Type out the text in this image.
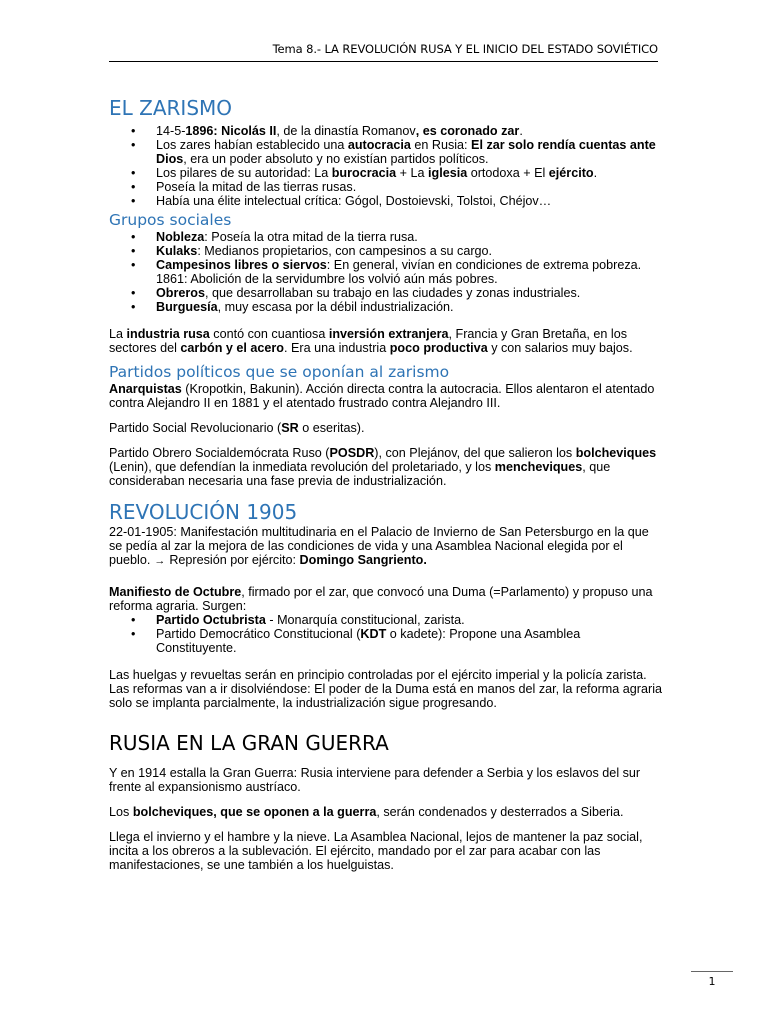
Tema 8.- LA REVOLUCIÓN RUSA Y EL INICIO DEL ESTADO SOVIÉTICO
EL ZARISMO
• 14-5-1896: Nicolás II, de la dinastía Romanov, es coronado zar.
• Los zares habían establecido una autocracia en Rusia: El zar solo rendía cuentas ante Dios, era un poder absoluto y no existían partidos políticos.
• Los pilares de su autoridad: La burocracia + La iglesia ortodoxa + El ejército.
• Poseía la mitad de las tierras rusas.
• Había una élite intelectual crítica: Gógol, Dostoievski, Tolstoi, Chéjov…
Grupos sociales
• Nobleza: Poseía la otra mitad de la tierra rusa.
• Kulaks: Medianos propietarios, con campesinos a su cargo.
• Campesinos libres o siervos: En general, vivían en condiciones de extrema pobreza. 1861: Abolición de la servidumbre los volvió aún más pobres.
• Obreros, que desarrollaban su trabajo en las ciudades y zonas industriales.
• Burguesía, muy escasa por la débil industrialización.

La industria rusa contó con cuantiosa inversión extranjera, Francia y Gran Bretaña, en los sectores del carbón y el acero. Era una industria poco productiva y con salarios muy bajos.

Partidos políticos que se oponían al zarismo

Anarquistas (Kropotkin, Bakunin). Acción directa contra la autocracia. Ellos alentaron el atentado contra Alejandro II en 1881 y el atentado frustrado contra Alejandro III.

Partido Social Revolucionario (SR o eseritas).

Partido Obrero Socialdemócrata Ruso (POSDR), con Plejánov, del que salieron los bolcheviques (Lenin), que defendían la inmediata revolución del proletariado, y los mencheviques, que consideraban necesaria una fase previa de industrialización.

REVOLUCIÓN 1905

22-01-1905: Manifestación multitudinaria en el Palacio de Invierno de San Petersburgo en la que se pedía al zar la mejora de las condiciones de vida y una Asamblea Nacional elegida por el pueblo. → Represión por ejército: Domingo Sangriento.

Manifiesto de Octubre, firmado por el zar, que convocó una Duma (=Parlamento) y propuso una reforma agraria. Surgen:

• Partido Octubrista - Monarquía constitucional, zarista.
• Partido Democrático Constitucional (KDT o kadete): Propone una Asamblea Constituyente.

Las huelgas y revueltas serán en principio controladas por el ejército imperial y la policía zarista. Las reformas van a ir disolviéndose: El poder de la Duma está en manos del zar, la reforma agraria solo se implanta parcialmente, la industrialización sigue progresando.

RUSIA EN LA GRAN GUERRA

Y en 1914 estalla la Gran Guerra: Rusia interviene para defender a Serbia y los eslavos del sur frente al expansionismo austríaco.

Los bolcheviques, que se oponen a la guerra, serán condenados y desterrados a Siberia.

Llega el invierno y el hambre y la nieve. La Asamblea Nacional, lejos de mantener la paz social, incita a los obreros a la sublevación. El ejército, mandado por el zar para acabar con las manifestaciones, se une también a los huelguistas.

1
